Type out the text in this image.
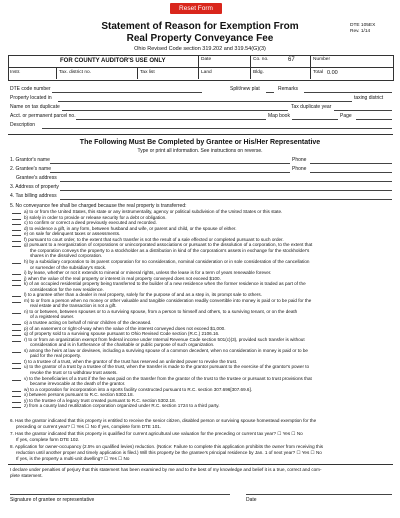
Reset Form
DTE 105EX
Rev. 1/14
Statement of Reason for Exemption From
Real Property Conveyance Fee
Ohio Revised Code section 319.202 and 319.54(G)(3)
FOR COUNTY AUDITOR'S USE ONLY	Date	Co. no.	67	Number
Instr.	Tax. district no.	Tax list	Land	Bldg.	Total 0.00
DTE code number	Split/new plat	Remarks
Property located in	taxing district
Name on tax duplicate	Tax duplicate year
Acct. or permanent parcel no.	Map book	Page
Description
The Following Must Be Completed by Grantee or His/Her Representative
Type or print all information. See instructions on reverse.
1. Grantor's name	Phone
2. Grantee's name	Phone
Grantee's address
3. Address of property
4. Tax billing address
5. No conveyance fee shall be charged because the real property is transferred:
a) to or from the United States, this state or any instrumentality, agency or political subdivision of the United States or this state.
b) solely in order to provide or release security for a debt or obligation.
c) to confirm or correct a deed previously executed and recorded.
d) to evidence a gift, in any form, between husband and wife, or parent and child, or the spouse of either.
e) on sale for delinquent taxes or assessments.
f) pursuant to court order, to the extent that such transfer is not the result of a sale effected or completed pursuant to such order.
g) pursuant to a reorganization of corporations or unincorporated associations or pursuant to the dissolution of a corporation, to the extent that
the corporation conveys the property to a stockholder as a distribution in kind of the corporation's assets in exchange for the stockholder's
shares in the dissolved corporation.
h) by a subsidiary corporation to its parent corporation for no consideration, nominal consideration or in sole consideration of the cancellation
or surrender of the subsidiary's stock.
i) by lease, whether or not it extends to mineral or mineral rights, unless the lease is for a term of years renewable forever.
j) when the value of the real property or interest in real property conveyed does not exceed $100.
k) of an occupied residential property being transferred to the builder of a new residence when the former residence is traded as part of the
consideration for the new residence.
l) to a grantee other than a dealer in real property, solely for the purpose of and as a step in, its prompt sale to others.
m) to or from a person when no money or other valuable and tangible consideration readily convertible into money is paid or to be paid for the
real estate and the transaction is not a gift.
n) to or between, between spouses or to a surviving spouse, from a person to himself and others, to a surviving tenant, or on the death
of a registered owner.
o) a trustee acting on behalf of minor children of the deceased.
p) of an easement or right-of-way when the value of the interest conveyed does not exceed $1,000.
q) of property sold to a surviving spouse pursuant to Ohio Revised Code section (R.C.) 2106.16.
r) to or from an organization exempt from federal income under Internal Revenue Code section 501(c)(3), provided such transfer is without
consideration and is in furtherance of the charitable or public purpose of such organization.
s) among the heirs at law or devisees, including a surviving spouse of a common decedent, when no consideration in money is paid or to be
paid for the real property.
t) to a trustee of a trust, when the grantor of the trust has reserved an unlimited power to revoke the trust.
u) to the grantor of a trust by a trustee of the trust, when the transfer is made to the grantor pursuant to the exercise of the grantor's power to
revoke the trust or to withdraw trust assets.
v) to the beneficiaries of a trust if the fee was paid on the transfer from the grantor of the trust to the trustee or pursuant to trust provisions that
became irrevocable at the death of the grantor.
w) to a corporation for incorporation into a sports facility constructed pursuant to R.C. section 307.696[307.69.6].
x) between persons pursuant to R.C. section 5302.18.
y) to the trustee of a legacy trust created pursuant to R.C. section 5302.18.
z) from a county land reutilization corporation organized under R.C. section 1724 to a third party.
6. Has the grantor indicated that this property is entitled to receive the senior citizen, disabled person or surviving spouse homestead exemption for the
preceding or current year? ☐ Yes ☐ No If yes, complete form DTE 101.
7. Has the grantor indicated that this property is qualified for current agricultural use valuation for the preceding or current tax year? ☐ Yes ☐ No
If yes, complete form DTE 102.
8. Application for owner-occupancy (2.5% on qualified levies) reduction. (Notice: Failure to complete this application prohibits the owner from receiving this
reduction until another proper and timely application is filed.) Will this property be the grantee's principal residence by Jan. 1 of next year? ☐ Yes ☐ No
If yes, is the property a multi-unit dwelling? ☐ Yes ☐ No
I declare under penalties of perjury that this statement has been examined by me and to the best of my knowledge and belief it is a true, correct and com-
plete statement.
Signature of grantee or representative	Date
